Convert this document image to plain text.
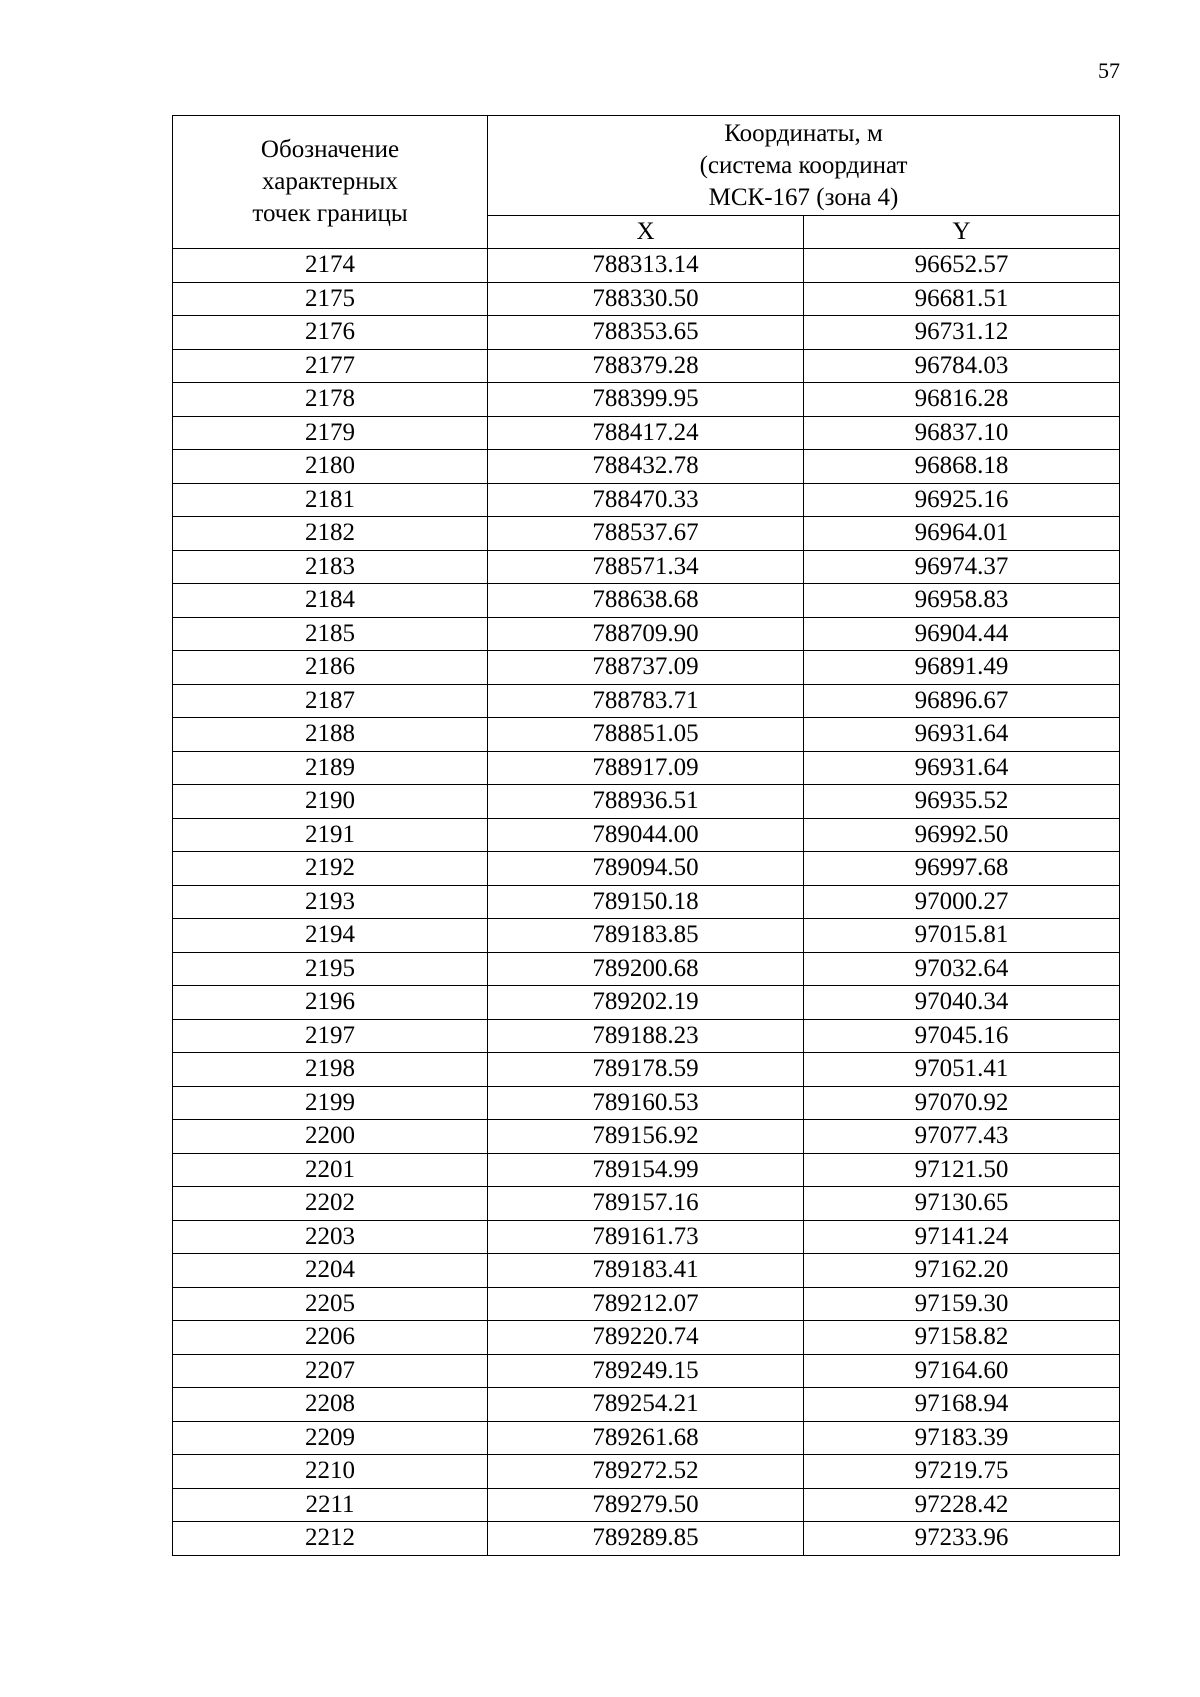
57
Обозначение
характерных
точек границы	Координаты, м
(система координат
МСК-167 (зона 4)	
	X	Y
2174	788313.14	96652.57
2175	788330.50	96681.51
2176	788353.65	96731.12
2177	788379.28	96784.03
2178	788399.95	96816.28
2179	788417.24	96837.10
2180	788432.78	96868.18
2181	788470.33	96925.16
2182	788537.67	96964.01
2183	788571.34	96974.37
2184	788638.68	96958.83
2185	788709.90	96904.44
2186	788737.09	96891.49
2187	788783.71	96896.67
2188	788851.05	96931.64
2189	788917.09	96931.64
2190	788936.51	96935.52
2191	789044.00	96992.50
2192	789094.50	96997.68
2193	789150.18	97000.27
2194	789183.85	97015.81
2195	789200.68	97032.64
2196	789202.19	97040.34
2197	789188.23	97045.16
2198	789178.59	97051.41
2199	789160.53	97070.92
2200	789156.92	97077.43
2201	789154.99	97121.50
2202	789157.16	97130.65
2203	789161.73	97141.24
2204	789183.41	97162.20
2205	789212.07	97159.30
2206	789220.74	97158.82
2207	789249.15	97164.60
2208	789254.21	97168.94
2209	789261.68	97183.39
2210	789272.52	97219.75
2211	789279.50	97228.42
2212	789289.85	97233.96
